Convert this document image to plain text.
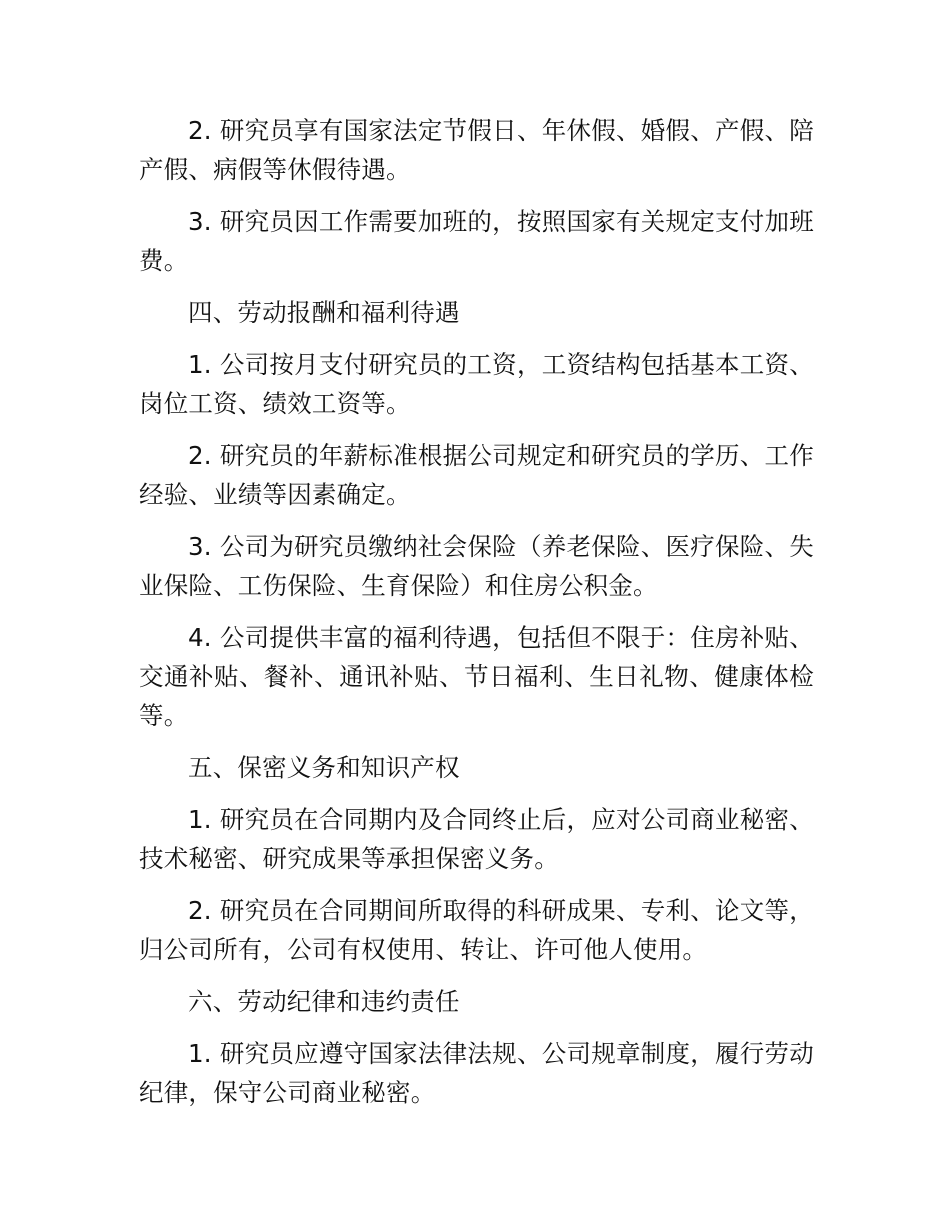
2. 研究员享有国家法定节假日、年休假、婚假、产假、陪产假、病假等休假待遇。

3. 研究员因工作需要加班的，按照国家有关规定支付加班费。

四、劳动报酬和福利待遇

1. 公司按月支付研究员的工资，工资结构包括基本工资、岗位工资、绩效工资等。

2. 研究员的年薪标准根据公司规定和研究员的学历、工作经验、业绩等因素确定。

3. 公司为研究员缴纳社会保险（养老保险、医疗保险、失业保险、工伤保险、生育保险）和住房公积金。

4. 公司提供丰富的福利待遇，包括但不限于：住房补贴、交通补贴、餐补、通讯补贴、节日福利、生日礼物、健康体检等。

五、保密义务和知识产权

1. 研究员在合同期内及合同终止后，应对公司商业秘密、技术秘密、研究成果等承担保密义务。

2. 研究员在合同期间所取得的科研成果、专利、论文等，归公司所有，公司有权使用、转让、许可他人使用。

六、劳动纪律和违约责任

1. 研究员应遵守国家法律法规、公司规章制度，履行劳动纪律，保守公司商业秘密。
